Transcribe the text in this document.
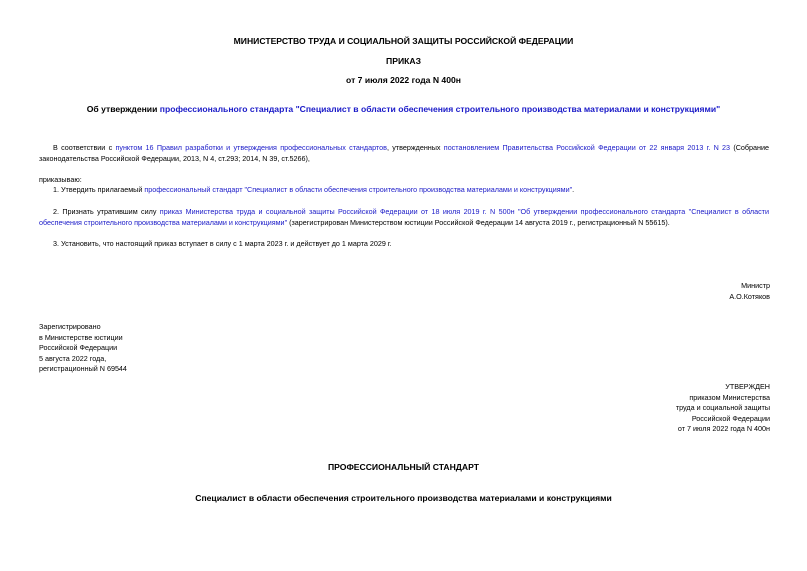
МИНИСТЕРСТВО ТРУДА И СОЦИАЛЬНОЙ ЗАЩИТЫ РОССИЙСКОЙ ФЕДЕРАЦИИ
ПРИКАЗ
от 7 июля 2022 года N 400н
Об утверждении профессионального стандарта "Специалист в области обеспечения строительного производства материалами и конструкциями"
В соответствии с пунктом 16 Правил разработки и утверждения профессиональных стандартов, утвержденных постановлением Правительства Российской Федерации от 22 января 2013 г. N 23 (Собрание законодательства Российской Федерации, 2013, N 4, ст.293; 2014, N 39, ст.5266),
приказываю:
1. Утвердить прилагаемый профессиональный стандарт "Специалист в области обеспечения строительного производства материалами и конструкциями".
2. Признать утратившим силу приказ Министерства труда и социальной защиты Российской Федерации от 18 июля 2019 г. N 500н "Об утверждении профессионального стандарта "Специалист в области обеспечения строительного производства материалами и конструкциями" (зарегистрирован Министерством юстиции Российской Федерации 14 августа 2019 г., регистрационный N 55615).
3. Установить, что настоящий приказ вступает в силу с 1 марта 2023 г. и действует до 1 марта 2029 г.
Министр
А.О.Котяков
Зарегистрировано
в Министерстве юстиции
Российской Федерации
5 августа 2022 года,
регистрационный N 69544
УТВЕРЖДЕН
приказом Министерства
труда и социальной защиты
Российской Федерации
от 7 июля 2022 года N 400н
ПРОФЕССИОНАЛЬНЫЙ СТАНДАРТ
Специалист в области обеспечения строительного производства материалами и конструкциями
